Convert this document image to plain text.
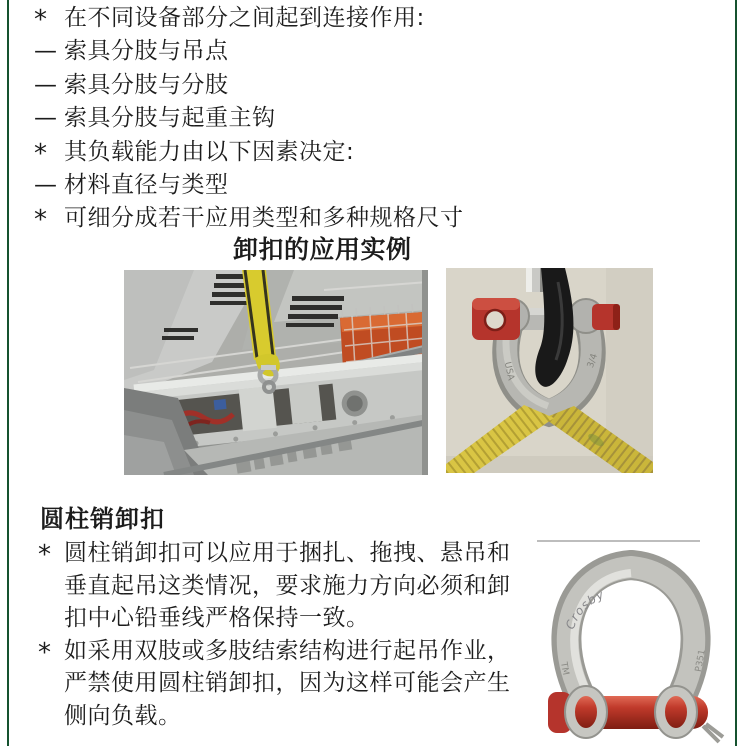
* 在不同设备部分之间起到连接作用:
— 索具分肢与吊点
— 索具分肢与分肢
— 索具分肢与起重主钩
* 其负载能力由以下因素决定:
— 材料直径与类型
* 可细分成若干应用类型和多种规格尺寸
卸扣的应用实例
USA
3/4
圆柱销卸扣
* 圆柱销卸扣可以应用于捆扎、拖拽、悬吊和
垂直起吊这类情况，要求施力方向必须和卸
扣中心铅垂线严格保持一致。
* 如采用双肢或多肢结索结构进行起吊作业，
严禁使用圆柱销卸扣，因为这样可能会产生
侧向负载。
Crosby
TM	P351
